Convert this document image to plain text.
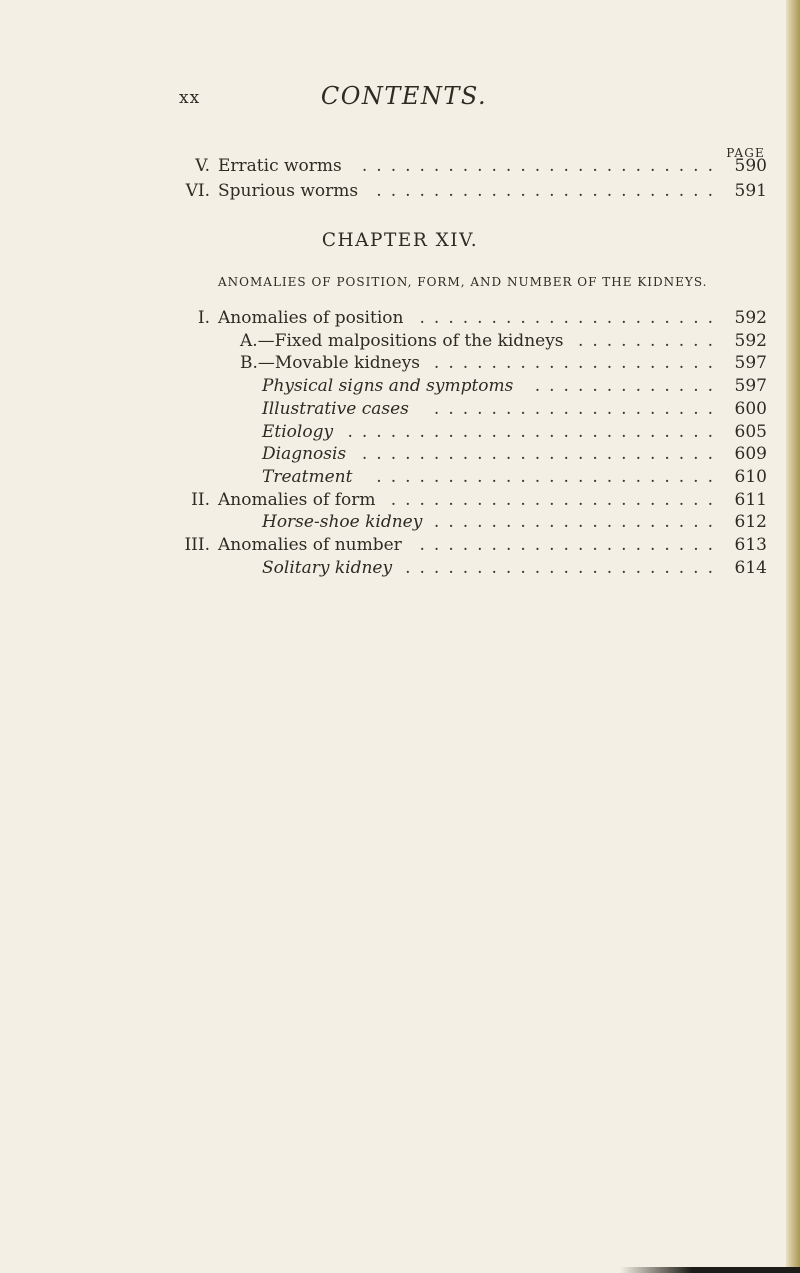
xx	CONTENTS.
PAGE
V. Erratic worms ......................... 590
VI. Spurious worms ........................ 591
CHAPTER XIV.
ANOMALIES OF POSITION, FORM, AND NUMBER OF THE KIDNEYS.
I. Anomalies of position ..................... 592
A.—Fixed malpositions of the kidneys .......... 592
B.—Movable kidneys .................... 597
Physical signs and symptoms ............. 597
Illustrative cases .................... 600
Etiology .......................... 605
Diagnosis ......................... 609
Treatment ........................ 610
II. Anomalies of form ....................... 611
Horse-shoe kidney .................... 612
III. Anomalies of number ..................... 613
Solitary kidney ...................... 614
